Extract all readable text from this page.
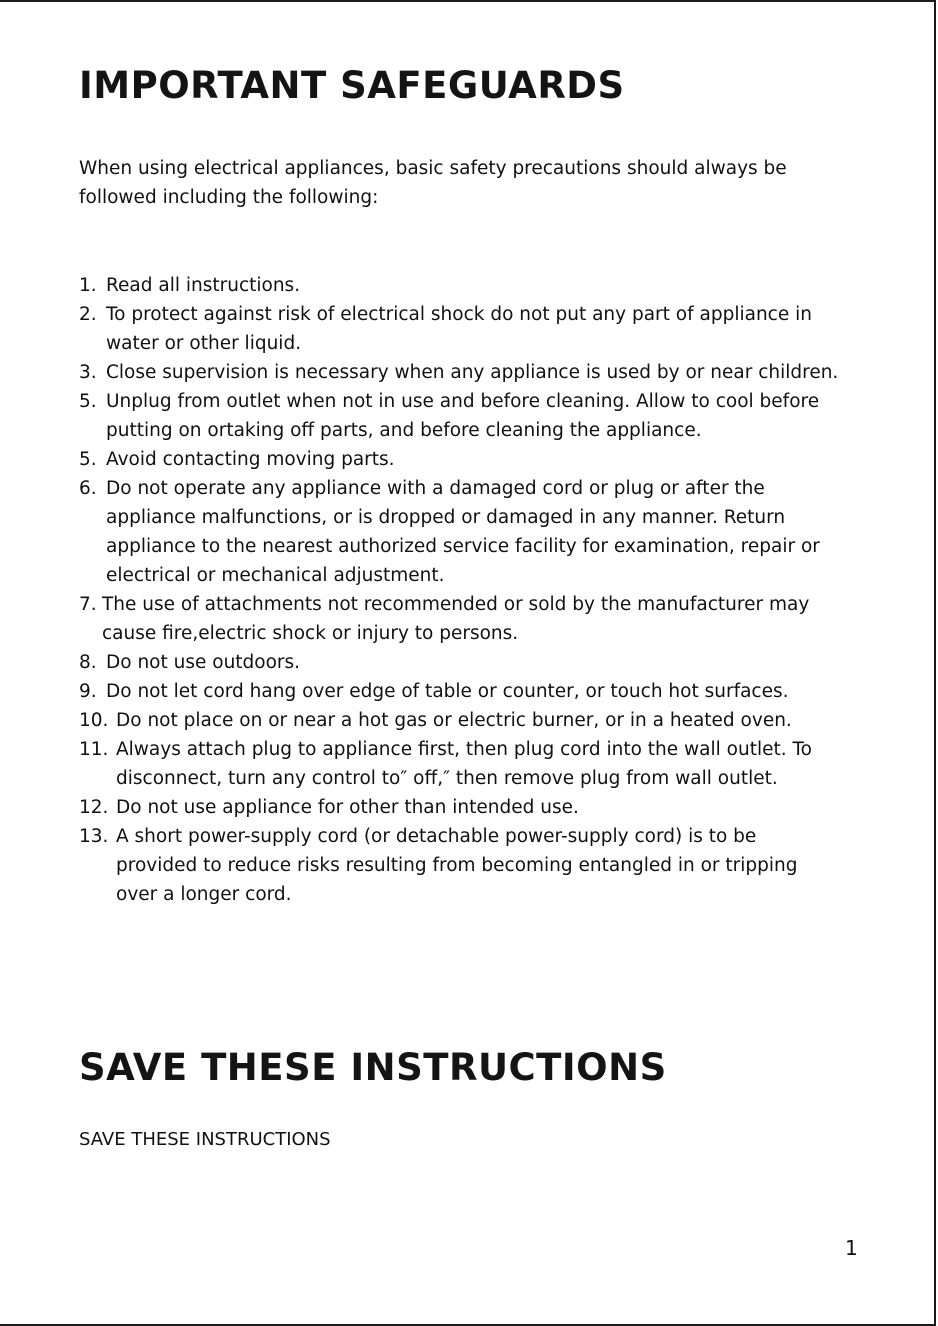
IMPORTANT SAFEGUARDS

When using electrical appliances, basic safety precautions should always be
followed including the following:

1. Read all instructions.
2. To protect against risk of electrical shock do not put any part of appliance in
water or other liquid.
3. Close supervision is necessary when any appliance is used by or near children.
5. Unplug from outlet when not in use and before cleaning. Allow to cool before
putting on ortaking off parts, and before cleaning the appliance.
5. Avoid contacting moving parts.
6. Do not operate any appliance with a damaged cord or plug or after the
appliance malfunctions, or is dropped or damaged in any manner. Return
appliance to the nearest authorized service facility for examination, repair or
electrical or mechanical adjustment.
7. The use of attachments not recommended or sold by the manufacturer may
cause fire,electric shock or injury to persons.
8. Do not use outdoors.
9. Do not let cord hang over edge of table or counter, or touch hot surfaces.
10. Do not place on or near a hot gas or electric burner, or in a heated oven.
11. Always attach plug to appliance first, then plug cord into the wall outlet. To
disconnect, turn any control to″ off,″ then remove plug from wall outlet.
12. Do not use appliance for other than intended use.
13. A short power-supply cord (or detachable power-supply cord) is to be
provided to reduce risks resulting from becoming entangled in or tripping
over a longer cord.
SAVE THESE INSTRUCTIONS

SAVE THESE INSTRUCTIONS

1
